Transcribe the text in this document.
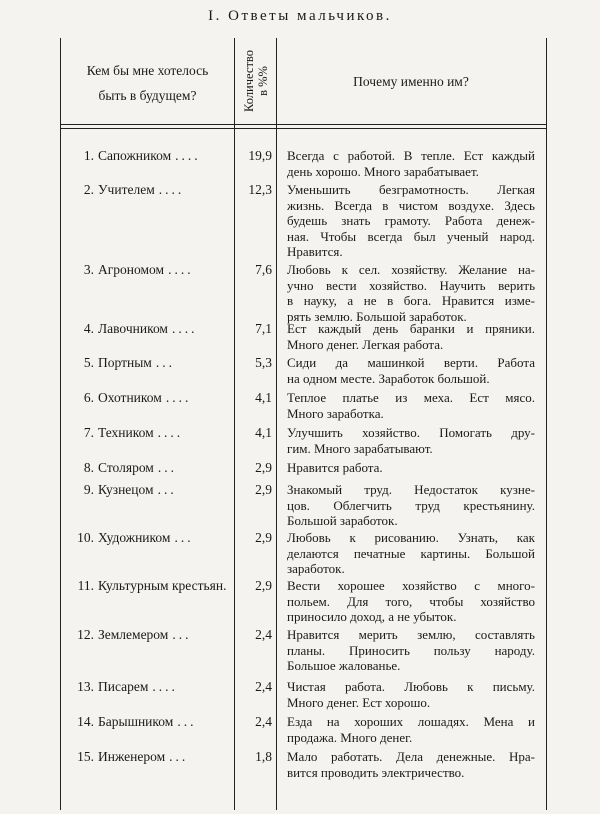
I. Ответы мальчиков.
Кем бы мне хотелось
быть в будущем?	Количество в %%	Почему именно им?
1. Сапожником ....	19,9	Всегда с работой. В тепле. Ест каждый
день хорошо. Много зарабатывает.
2. Учителем ....	12,3	Уменьшить безграмотность. Легкая
жизнь. Всегда в чистом воздухе. Здесь
будешь знать грамоту. Работа денеж-
ная. Чтобы всегда был ученый народ.
Нравится.
3. Агрономом ....	7,6	Любовь к сел. хозяйству. Желание на-
учно вести хозяйство. Научить верить
в науку, а не в бога. Нравится изме-
рять землю. Большой заработок.
4. Лавочником ....	7,1	Ест каждый день баранки и пряники.
Много денег. Легкая работа.
5. Портным ...	5,3	Сиди да машинкой верти. Работа
на одном месте. Заработок большой.
6. Охотником ....	4,1	Теплое платье из меха. Ест мясо.
Много заработка.
7. Техником ....	4,1	Улучшить хозяйство. Помогать дру-
гим. Много зарабатывают.
8. Столяром ...	2,9	Нравится работа.
9. Кузнецом ...	2,9	Знакомый труд. Недостаток кузне-
цов. Облегчить труд крестьянину.
Большой заработок.
10. Художником ...	2,9	Любовь к рисованию. Узнать, как
делаются печатные картины. Большой
заработок.
11. Культурным крестьян.	2,9	Вести хорошее хозяйство с много-
польем. Для того, чтобы хозяйство
приносило доход, а не убыток.
12. Землемером ...	2,4	Нравится мерить землю, составлять
планы. Приносить пользу народу.
Большое жалованье.
13. Писарем ....	2,4	Чистая работа. Любовь к письму.
Много денег. Ест хорошо.
14. Барышником ...	2,4	Езда на хороших лошадях. Мена и
продажа. Много денег.
15. Инженером ...	1,8	Мало работать. Дела денежные. Нра-
вится проводить электричество.
